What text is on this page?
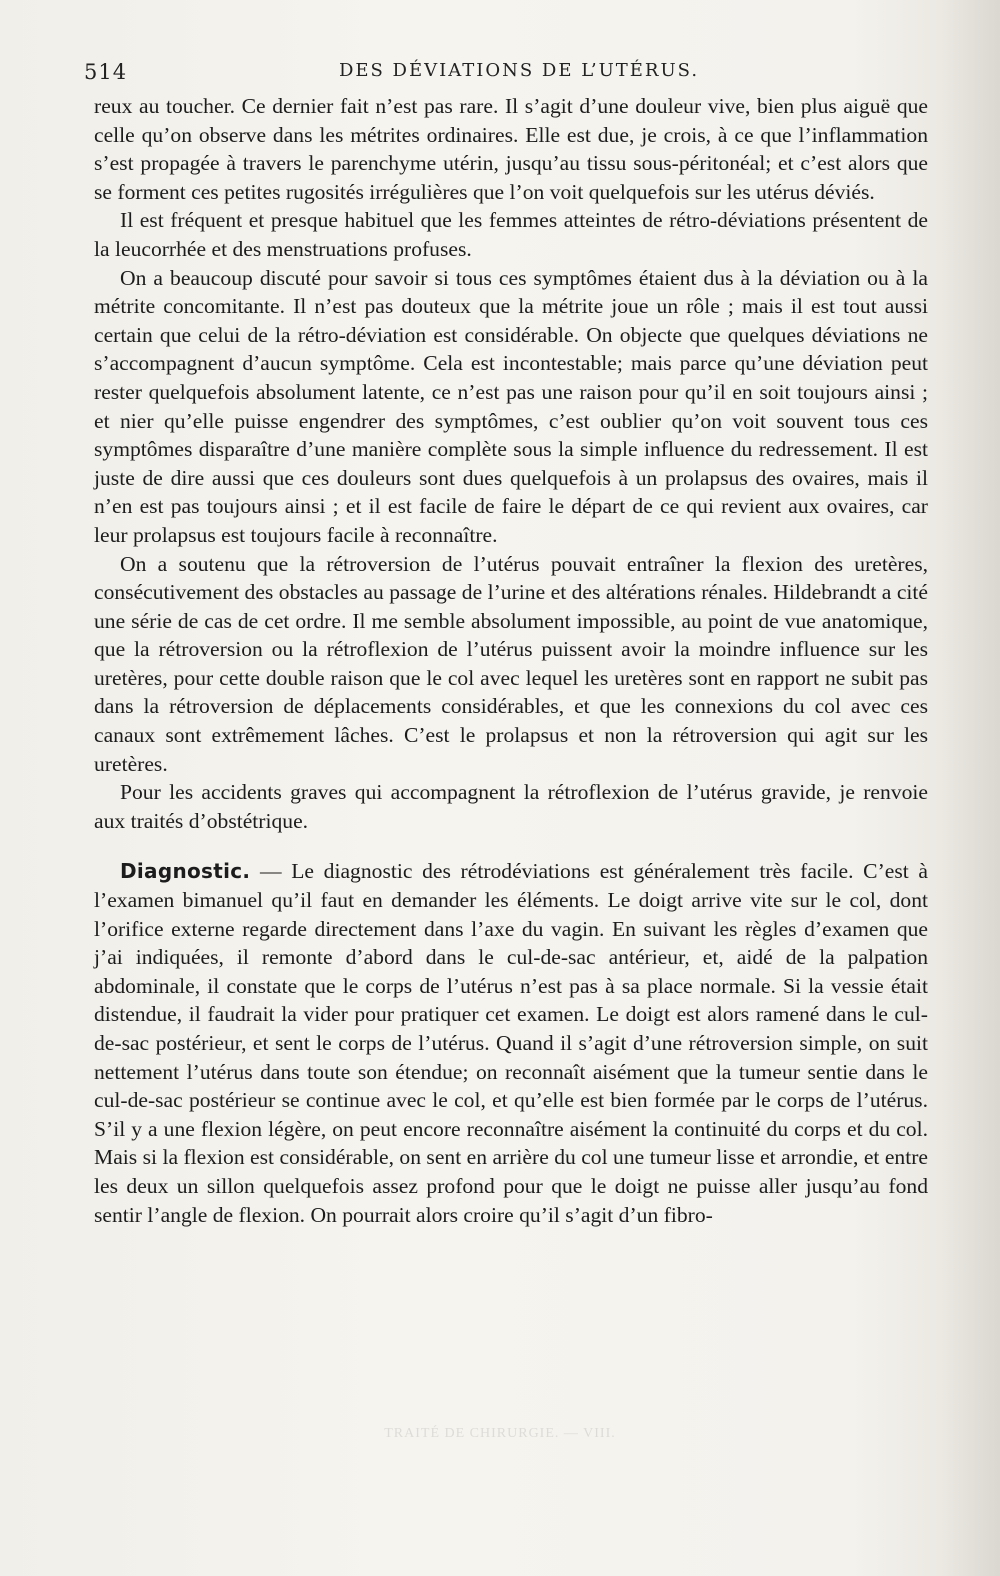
514	DES DÉVIATIONS DE L’UTÉRUS.

reux au toucher. Ce dernier fait n’est pas rare. Il s’agit d’une douleur vive, bien plus aiguë que celle qu’on observe dans les métrites ordinaires. Elle est due, je crois, à ce que l’inflammation s’est propagée à travers le parenchyme utérin, jusqu’au tissu sous-péritonéal; et c’est alors que se forment ces petites rugosités irrégulières que l’on voit quelquefois sur les utérus déviés.

Il est fréquent et presque habituel que les femmes atteintes de rétro-déviations présentent de la leucorrhée et des menstruations profuses.

On a beaucoup discuté pour savoir si tous ces symptômes étaient dus à la déviation ou à la métrite concomitante. Il n’est pas douteux que la métrite joue un rôle ; mais il est tout aussi certain que celui de la rétro-déviation est considérable. On objecte que quelques déviations ne s’accompagnent d’aucun symptôme. Cela est incontestable; mais parce qu’une déviation peut rester quelquefois absolument latente, ce n’est pas une raison pour qu’il en soit toujours ainsi ; et nier qu’elle puisse engendrer des symptômes, c’est oublier qu’on voit souvent tous ces symptômes disparaître d’une manière complète sous la simple influence du redressement. Il est juste de dire aussi que ces douleurs sont dues quelquefois à un prolapsus des ovaires, mais il n’en est pas toujours ainsi ; et il est facile de faire le départ de ce qui revient aux ovaires, car leur prolapsus est toujours facile à reconnaître.

On a soutenu que la rétroversion de l’utérus pouvait entraîner la flexion des uretères, consécutivement des obstacles au passage de l’urine et des altérations rénales. Hildebrandt a cité une série de cas de cet ordre. Il me semble absolument impossible, au point de vue anatomique, que la rétroversion ou la rétroflexion de l’utérus puissent avoir la moindre influence sur les uretères, pour cette double raison que le col avec lequel les uretères sont en rapport ne subit pas dans la rétroversion de déplacements considérables, et que les connexions du col avec ces canaux sont extrêmement lâches. C’est le prolapsus et non la rétroversion qui agit sur les uretères.

Pour les accidents graves qui accompagnent la rétroflexion de l’utérus gravide, je renvoie aux traités d’obstétrique.

Diagnostic. — Le diagnostic des rétrodéviations est généralement très facile. C’est à l’examen bimanuel qu’il faut en demander les éléments. Le doigt arrive vite sur le col, dont l’orifice externe regarde directement dans l’axe du vagin. En suivant les règles d’examen que j’ai indiquées, il remonte d’abord dans le cul-de-sac antérieur, et, aidé de la palpation abdominale, il constate que le corps de l’utérus n’est pas à sa place normale. Si la vessie était distendue, il faudrait la vider pour pratiquer cet examen. Le doigt est alors ramené dans le cul-de-sac postérieur, et sent le corps de l’utérus. Quand il s’agit d’une rétroversion simple, on suit nettement l’utérus dans toute son étendue; on reconnaît aisément que la tumeur sentie dans le cul-de-sac postérieur se continue avec le col, et qu’elle est bien formée par le corps de l’utérus. S’il y a une flexion légère, on peut encore reconnaître aisément la continuité du corps et du col. Mais si la flexion est considérable, on sent en arrière du col une tumeur lisse et arrondie, et entre les deux un sillon quelquefois assez profond pour que le doigt ne puisse aller jusqu’au fond sentir l’angle de flexion. On pourrait alors croire qu’il s’agit d’un fibro-

TRAITÉ DE CHIRURGIE. — VIII.
